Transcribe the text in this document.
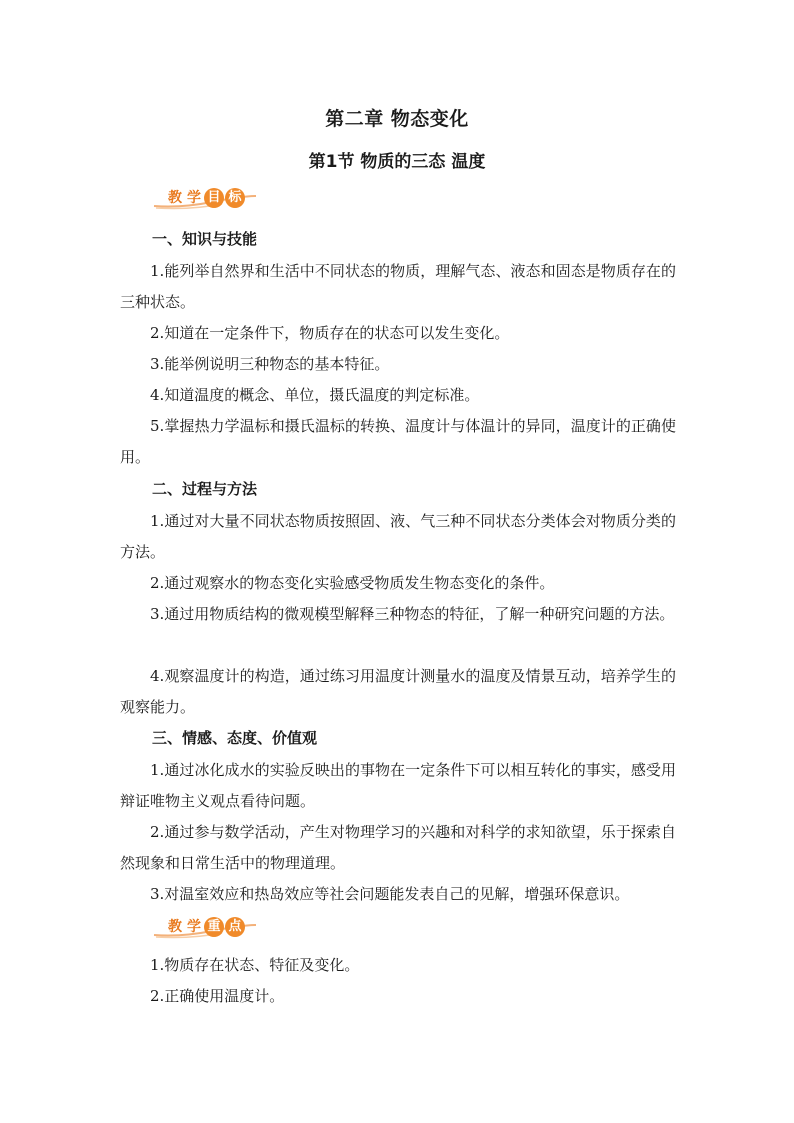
第二章 物态变化
第1节 物质的三态 温度
教 学 目 标
一、知识与技能
1.能列举自然界和生活中不同状态的物质，理解气态、液态和固态是物质存在的三种状态。
2.知道在一定条件下，物质存在的状态可以发生变化。
3.能举例说明三种物态的基本特征。
4.知道温度的概念、单位，摄氏温度的判定标准。
5.掌握热力学温标和摄氏温标的转换、温度计与体温计的异同，温度计的正确使用。
二、过程与方法
1.通过对大量不同状态物质按照固、液、气三种不同状态分类体会对物质分类的方法。
2.通过观察水的物态变化实验感受物质发生物态变化的条件。
3.通过用物质结构的微观模型解释三种物态的特征，了解一种研究问题的方法。
4.观察温度计的构造，通过练习用温度计测量水的温度及情景互动，培养学生的观察能力。
三、情感、态度、价值观
1.通过冰化成水的实验反映出的事物在一定条件下可以相互转化的事实，感受用辩证唯物主义观点看待问题。
2.通过参与数学活动，产生对物理学习的兴趣和对科学的求知欲望，乐于探索自然现象和日常生活中的物理道理。
3.对温室效应和热岛效应等社会问题能发表自己的见解，增强环保意识。
教 学 重 点
1.物质存在状态、特征及变化。
2.正确使用温度计。
